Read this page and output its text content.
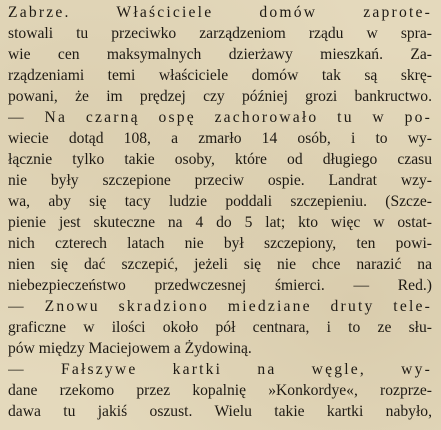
Zabrze. Właściciele domów zaprote-
stowali tu przeciwko zarządzeniom rządu w spra-
wie cen maksymalnych dzierżawy mieszkań. Za-
rządzeniami temi właściciele domów tak są skrę-
powani, że im prędzej czy później grozi bankructwo.
— Na czarną ospę zachorowało tu w po-
wiecie dotąd 108, a zmarło 14 osób, i to wy-
łącznie tylko takie osoby, które od długiego czasu
nie były szczepione przeciw ospie. Landrat wzy-
wa, aby się tacy ludzie poddali szczepieniu. (Szcze-
pienie jest skuteczne na 4 do 5 lat; kto więc w ostat-
nich czterech latach nie był szczepiony, ten powi-
nien się dać szczepić, jeżeli się nie chce narazić na
niebezpieczeństwo przedwczesnej śmierci. — Red.)
— Znowu skradziono miedziane druty tele-
graficzne w ilości około pół centnara, i to ze słu-
pów między Maciejowem a Żydowiną.
— Fałszywe kartki na węgle, wy-
dane rzekomo przez kopalnię »Konkordye«, rozprze-
dawa tu jakiś oszust. Wielu takie kartki nabyło,
